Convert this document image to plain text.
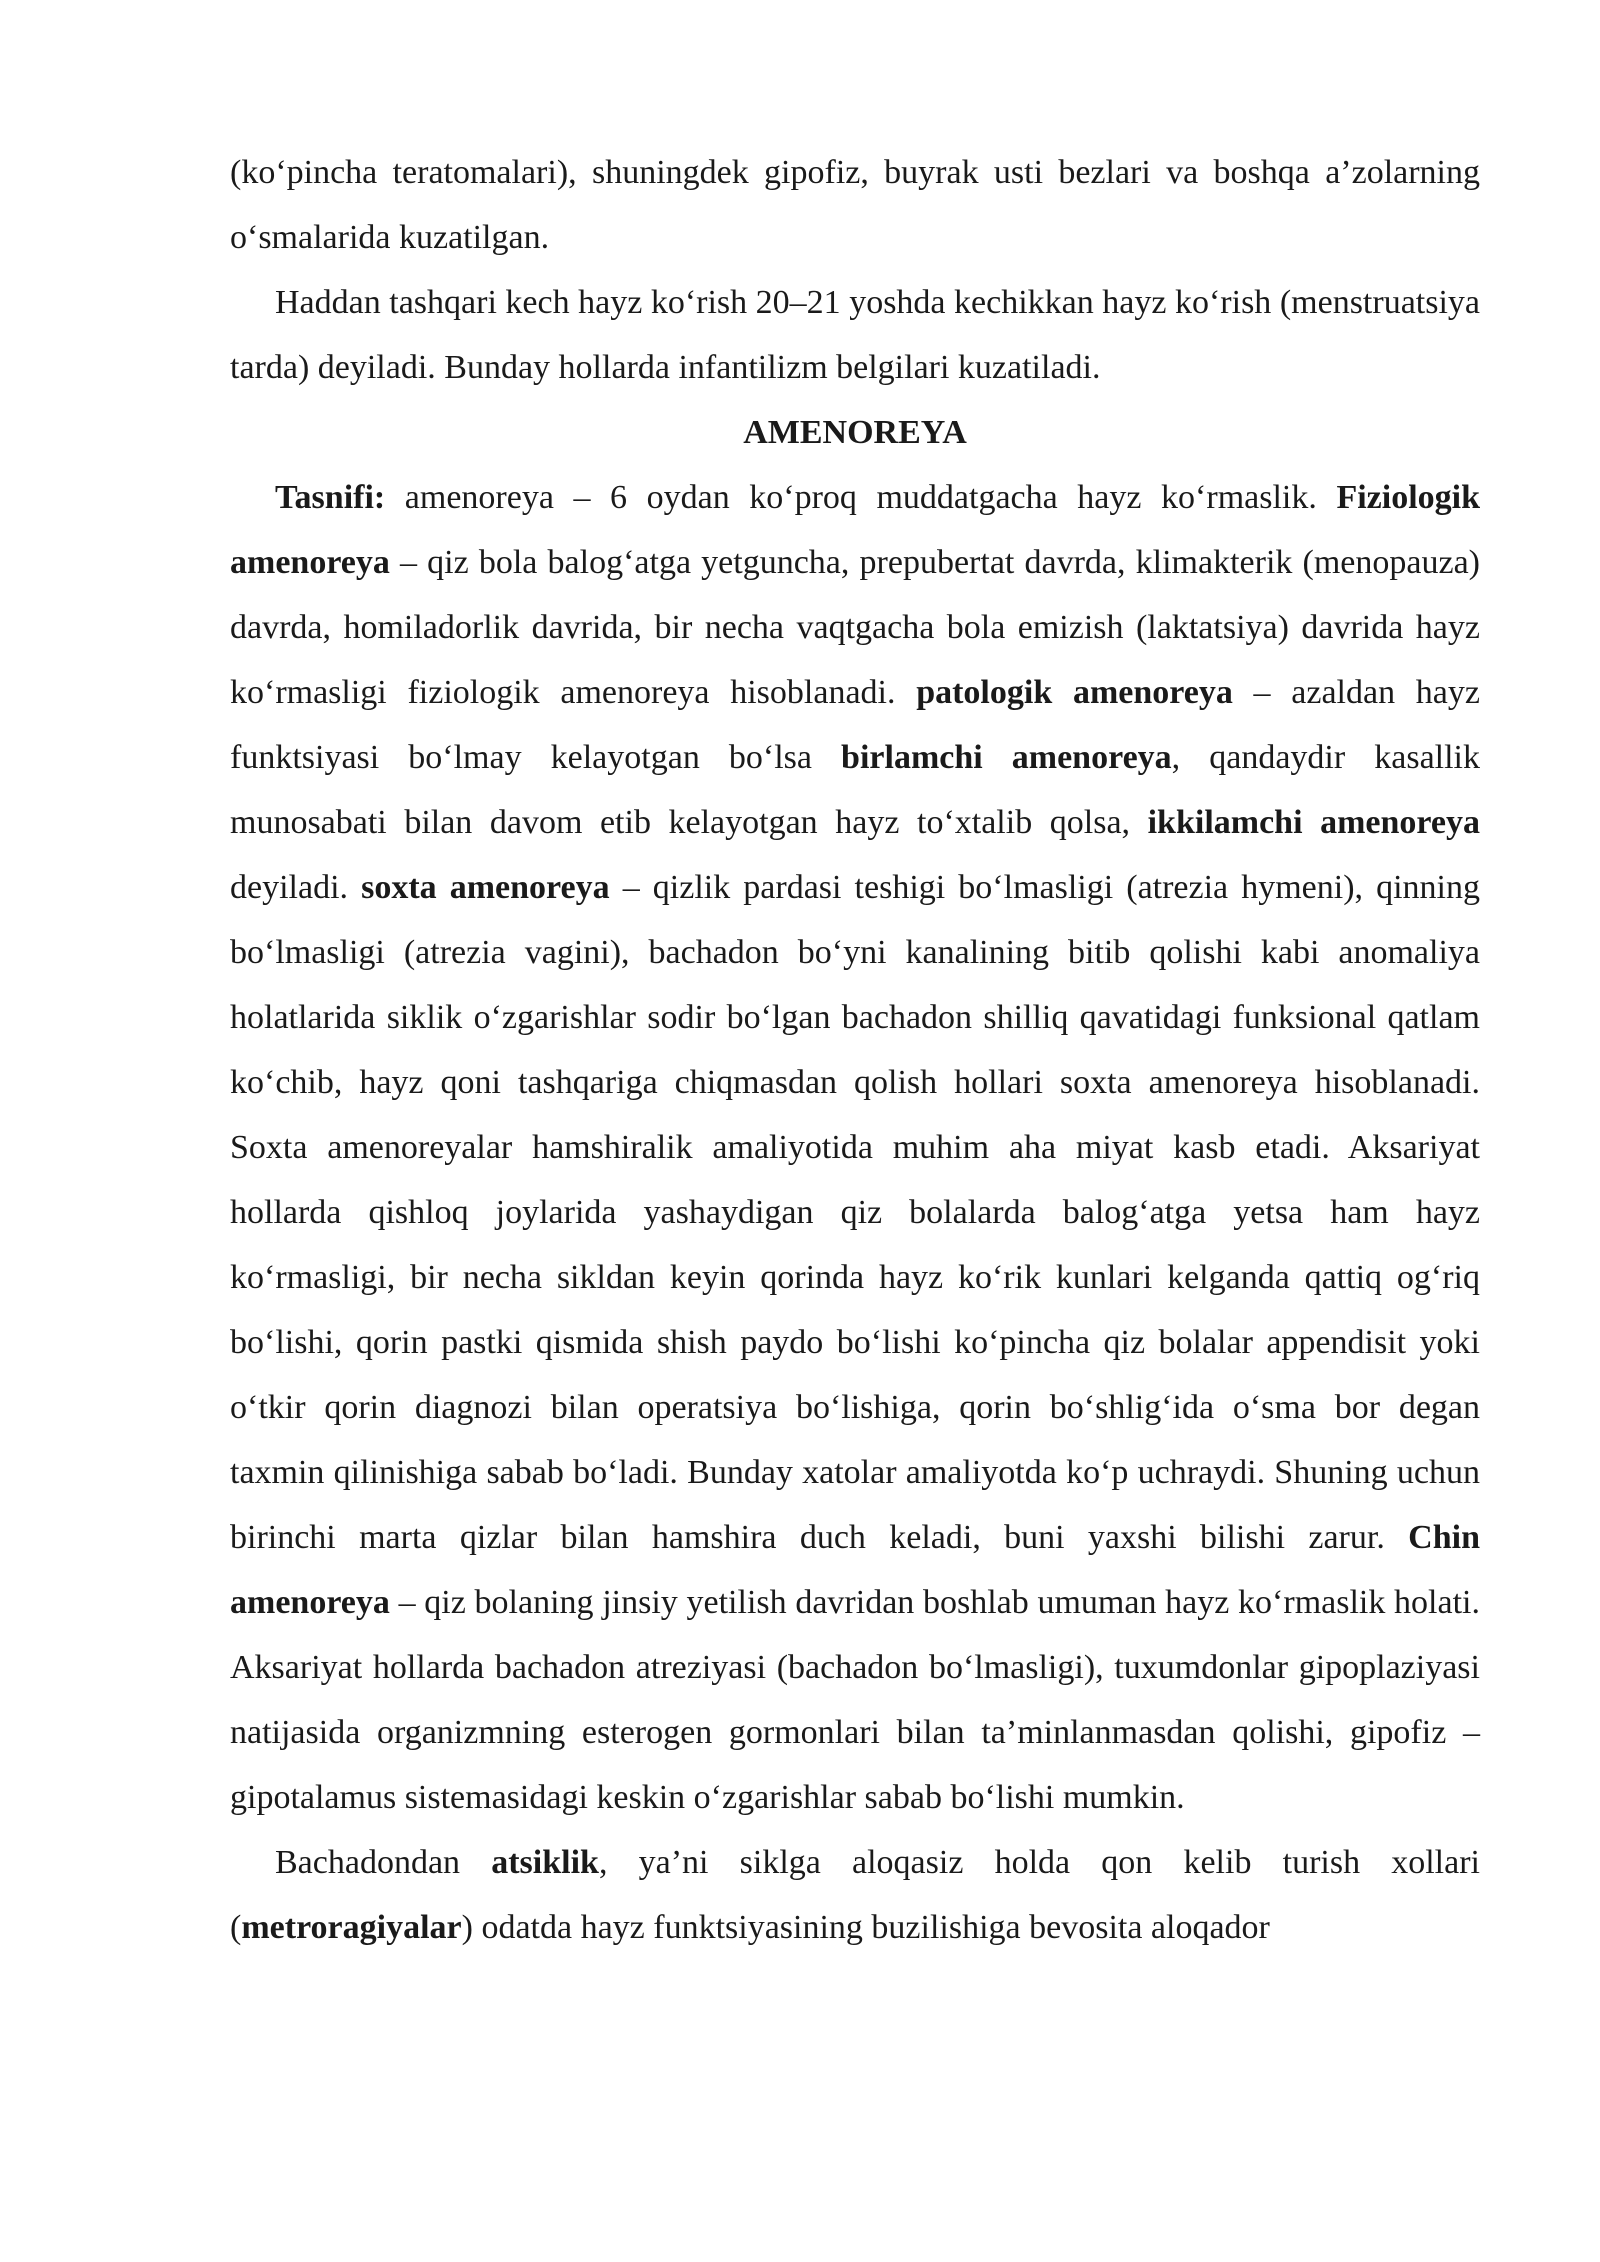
(ko‘pincha teratomalari), shuningdek gipofiz, buyrak usti bezlari va boshqa a’zolarning o‘smalarida kuzatilgan.

Haddan tashqari kech hayz ko‘rish 20–21 yoshda kechikkan hayz ko‘rish (menstruatsiya tarda) deyiladi. Bunday hollarda infantilizm belgilari kuzatiladi.

AMENOREYA

Tasnifi: amenoreya – 6 oydan ko‘proq muddatgacha hayz ko‘rmaslik. Fiziologik amenoreya – qiz bola balog‘atga yetguncha, prepubertat davrda, klimakterik (menopauza) davrda, homiladorlik davrida, bir necha vaqtgacha bola emizish (laktatsiya) davrida hayz ko‘rmasligi fiziologik amenoreya hisoblanadi. patologik amenoreya – azaldan hayz funktsiyasi bo‘lmay kelayotgan bo‘lsa birlamchi amenoreya, qandaydir kasallik munosabati bilan davom etib kelayotgan hayz to‘xtalib qolsa, ikkilamchi amenoreya deyiladi. soxta amenoreya – qizlik pardasi teshigi bo‘lmasligi (atrezia hymeni), qinning bo‘lmasligi (atrezia vagini), bachadon bo‘yni kanalining bitib qolishi kabi anomaliya holatlarida siklik o‘zgarishlar sodir bo‘lgan bachadon shilliq qavatidagi funksional qatlam ko‘chib, hayz qoni tashqariga chiqmasdan qolish hollari soxta amenoreya hisoblanadi. Soxta amenoreyalar hamshiralik amaliyotida muhim aha miyat kasb etadi. Aksariyat hollarda qishloq joylarida yashaydigan qiz bolalarda balog‘atga yetsa ham hayz ko‘rmasligi, bir necha sikldan keyin qorinda hayz ko‘rik kunlari kelganda qattiq og‘riq bo‘lishi, qorin pastki qismida shish paydo bo‘lishi ko‘pincha qiz bolalar appendisit yoki o‘tkir qorin diagnozi bilan operatsiya bo‘lishiga, qorin bo‘shlig‘ida o‘sma bor degan taxmin qilinishiga sabab bo‘ladi. Bunday xatolar amaliyotda ko‘p uchraydi. Shuning uchun birinchi marta qizlar bilan hamshira duch keladi, buni yaxshi bilishi zarur. Chin amenoreya – qiz bolaning jinsiy yetilish davridan boshlab umuman hayz ko‘rmaslik holati. Aksariyat hollarda bachadon atreziyasi (bachadon bo‘lmasligi), tuxumdonlar gipoplaziyasi natijasida organizmning esterogen gormonlari bilan ta’minlanmasdan qolishi, gipofiz – gipotalamus sistemasidagi keskin o‘zgarishlar sabab bo‘lishi mumkin.

Bachadondan atsiklik, ya’ni siklga aloqasiz holda qon kelib turish xollari (metroragiyalar) odatda hayz funktsiyasining buzilishiga bevosita aloqador
